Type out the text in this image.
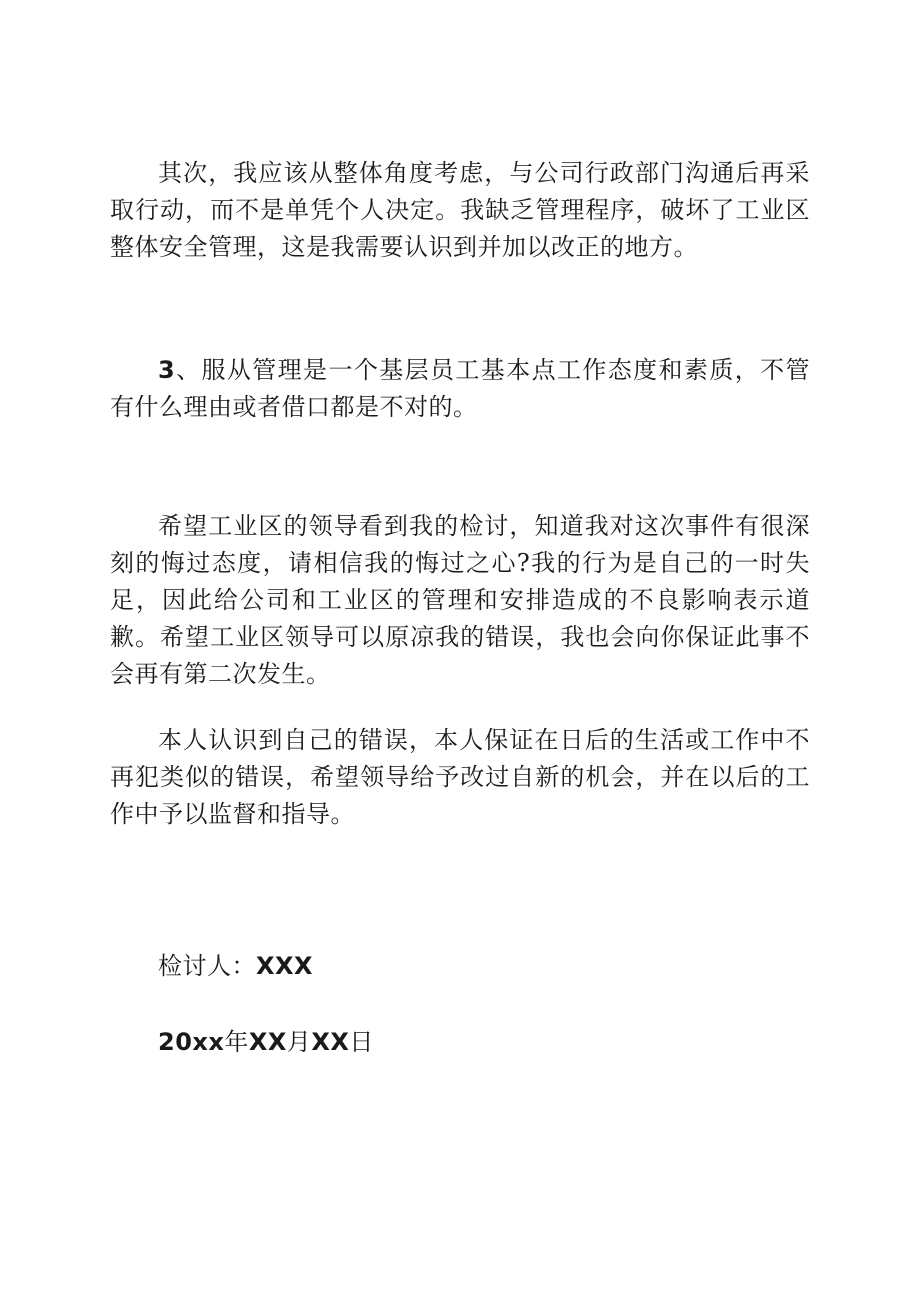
其次，我应该从整体角度考虑，与公司行政部门沟通后再采取行动，而不是单凭个人决定。我缺乏管理程序，破坏了工业区整体安全管理，这是我需要认识到并加以改正的地方。

3、服从管理是一个基层员工基本点工作态度和素质，不管有什么理由或者借口都是不对的。

希望工业区的领导看到我的检讨，知道我对这次事件有很深刻的悔过态度，请相信我的悔过之心?我的行为是自己的一时失足，因此给公司和工业区的管理和安排造成的不良影响表示道歉。希望工业区领导可以原凉我的错误，我也会向你保证此事不会再有第二次发生。

本人认识到自己的错误，本人保证在日后的生活或工作中不再犯类似的错误，希望领导给予改过自新的机会，并在以后的工作中予以监督和指导。

检讨人：XXX

20xx年XX月XX日
